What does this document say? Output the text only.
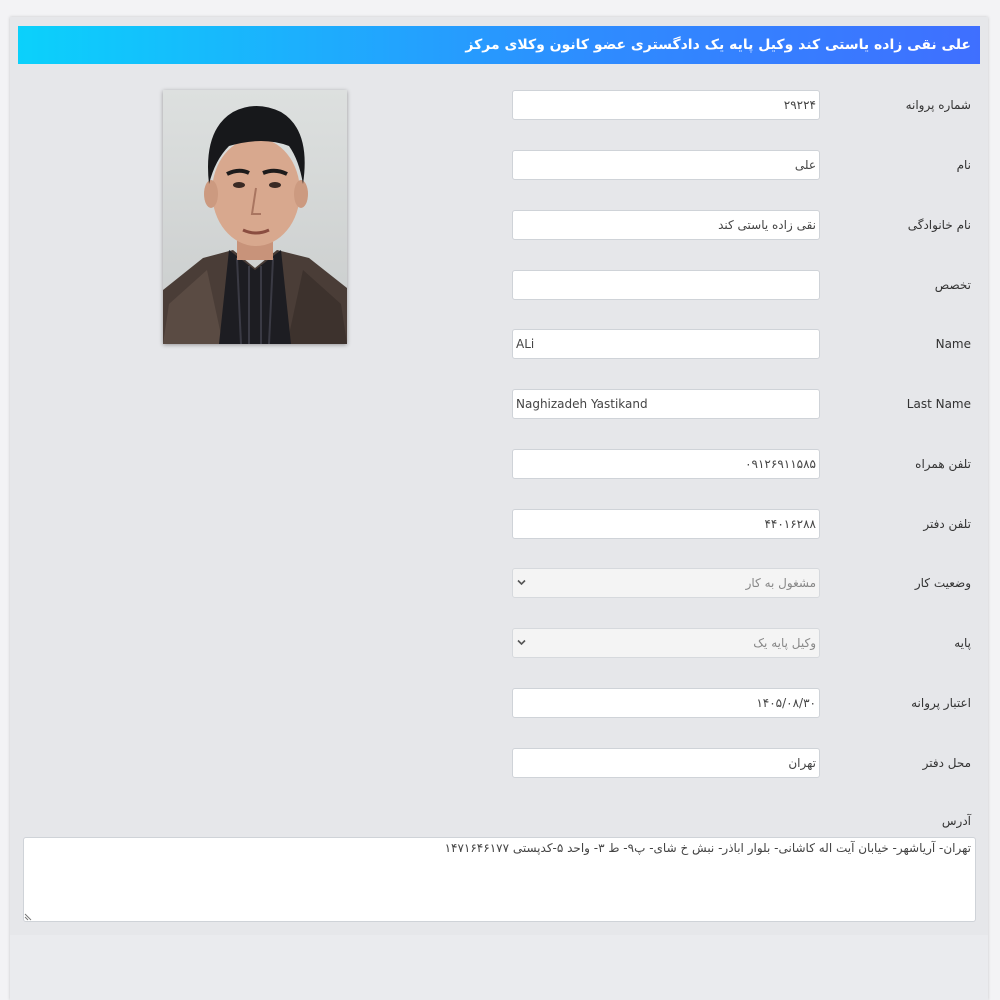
علی نقی زاده یاستی کند وکیل پایه یک دادگستری عضو کانون وکلای مرکز
شماره پروانه
۲۹۲۲۴
نام
علی
نام خانوادگی
نقی زاده یاستی کند
تخصص
Name
ALi
Last Name
Naghizadeh Yastikand
تلفن همراه
۰۹۱۲۶۹۱۱۵۸۵
تلفن دفتر
۴۴۰۱۶۲۸۸
وضعیت کار
مشغول به کار
پایه
وکیل پایه یک
اعتبار پروانه
۱۴۰۵/۰۸/۳۰
محل دفتر
تهران
آدرس
تهران- آریاشهر- خیابان آیت اله کاشانی- بلوار اباذر- نبش خ شای- پ۹- ط ۳- واحد ۵-کدپستی ۱۴۷۱۶۴۶۱۷۷
